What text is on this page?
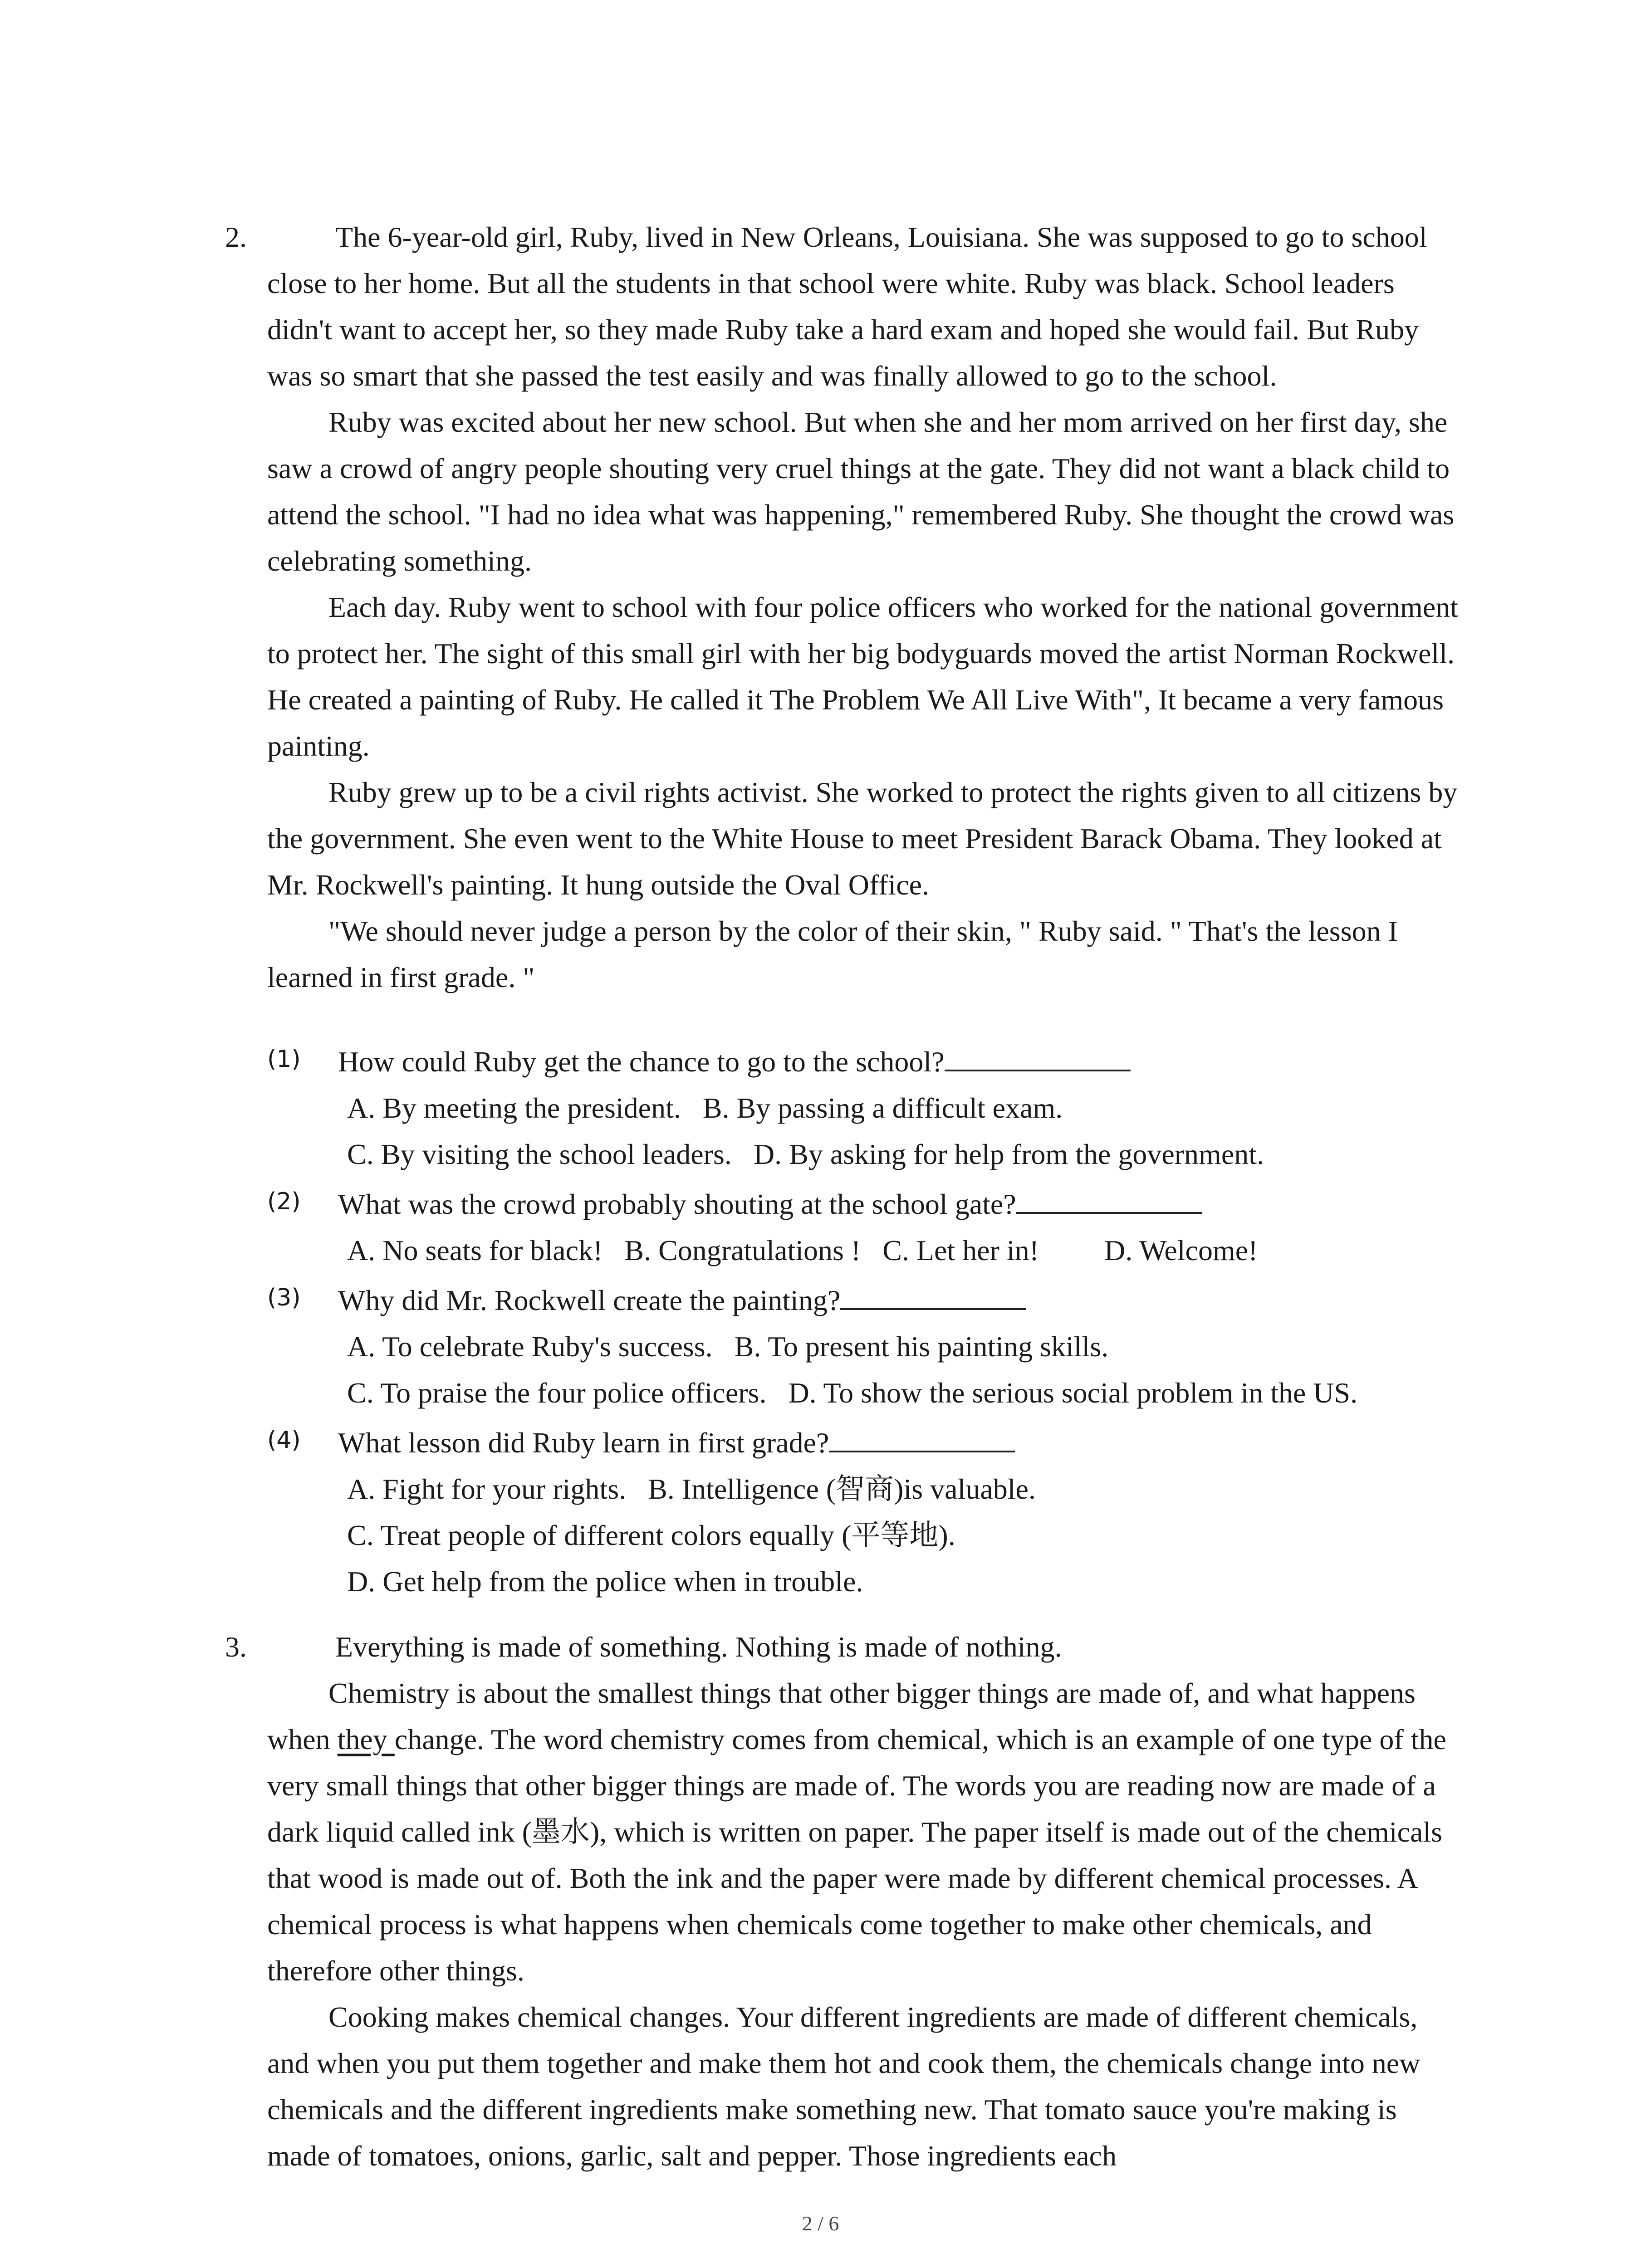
2.	The 6-year-old girl, Ruby, lived in New Orleans, Louisiana. She was supposed to go to school close to her home. But all the students in that school were white. Ruby was black. School leaders didn't want to accept her, so they made Ruby take a hard exam and hoped she would fail. But Ruby was so smart that she passed the test easily and was finally allowed to go to the school.

Ruby was excited about her new school. But when she and her mom arrived on her first day, she saw a crowd of angry people shouting very cruel things at the gate. They did not want a black child to attend the school. "I had no idea what was happening," remembered Ruby. She thought the crowd was celebrating something.

Each day. Ruby went to school with four police officers who worked for the national government to protect her. The sight of this small girl with her big bodyguards moved the artist Norman Rockwell. He created a painting of Ruby. He called it The Problem We All Live With", It became a very famous painting.

Ruby grew up to be a civil rights activist. She worked to protect the rights given to all citizens by the government. She even went to the White House to meet President Barack Obama. They looked at Mr. Rockwell's painting. It hung outside the Oval Office.

"We should never judge a person by the color of their skin, " Ruby said. " That's the lesson I learned in first grade. "

(1) How could Ruby get the chance to go to the school?
A. By meeting the president.   B. By passing a difficult exam.
C. By visiting the school leaders.   D. By asking for help from the government.
(2) What was the crowd probably shouting at the school gate?
A. No seats for black!   B. Congratulations !   C. Let her in!         D. Welcome!
(3) Why did Mr. Rockwell create the painting?
A. To celebrate Ruby's success.   B. To present his painting skills.
C. To praise the four police officers.   D. To show the serious social problem in the US.
(4) What lesson did Ruby learn in first grade?
A. Fight for your rights.   B. Intelligence (智商)is valuable.
C. Treat people of different colors equally (平等地).
D. Get help from the police when in trouble.
3.	Everything is made of something. Nothing is made of nothing.

Chemistry is about the smallest things that other bigger things are made of, and what happens when they change. The word chemistry comes from chemical, which is an example of one type of the very small things that other bigger things are made of. The words you are reading now are made of a dark liquid called ink (墨水), which is written on paper. The paper itself is made out of the chemicals that wood is made out of. Both the ink and the paper were made by different chemical processes. A chemical process is what happens when chemicals come together to make other chemicals, and therefore other things.

Cooking makes chemical changes. Your different ingredients are made of different chemicals, and when you put them together and make them hot and cook them, the chemicals change into new chemicals and the different ingredients make something new. That tomato sauce you're making is made of tomatoes, onions, garlic, salt and pepper. Those ingredients each

2 / 6
